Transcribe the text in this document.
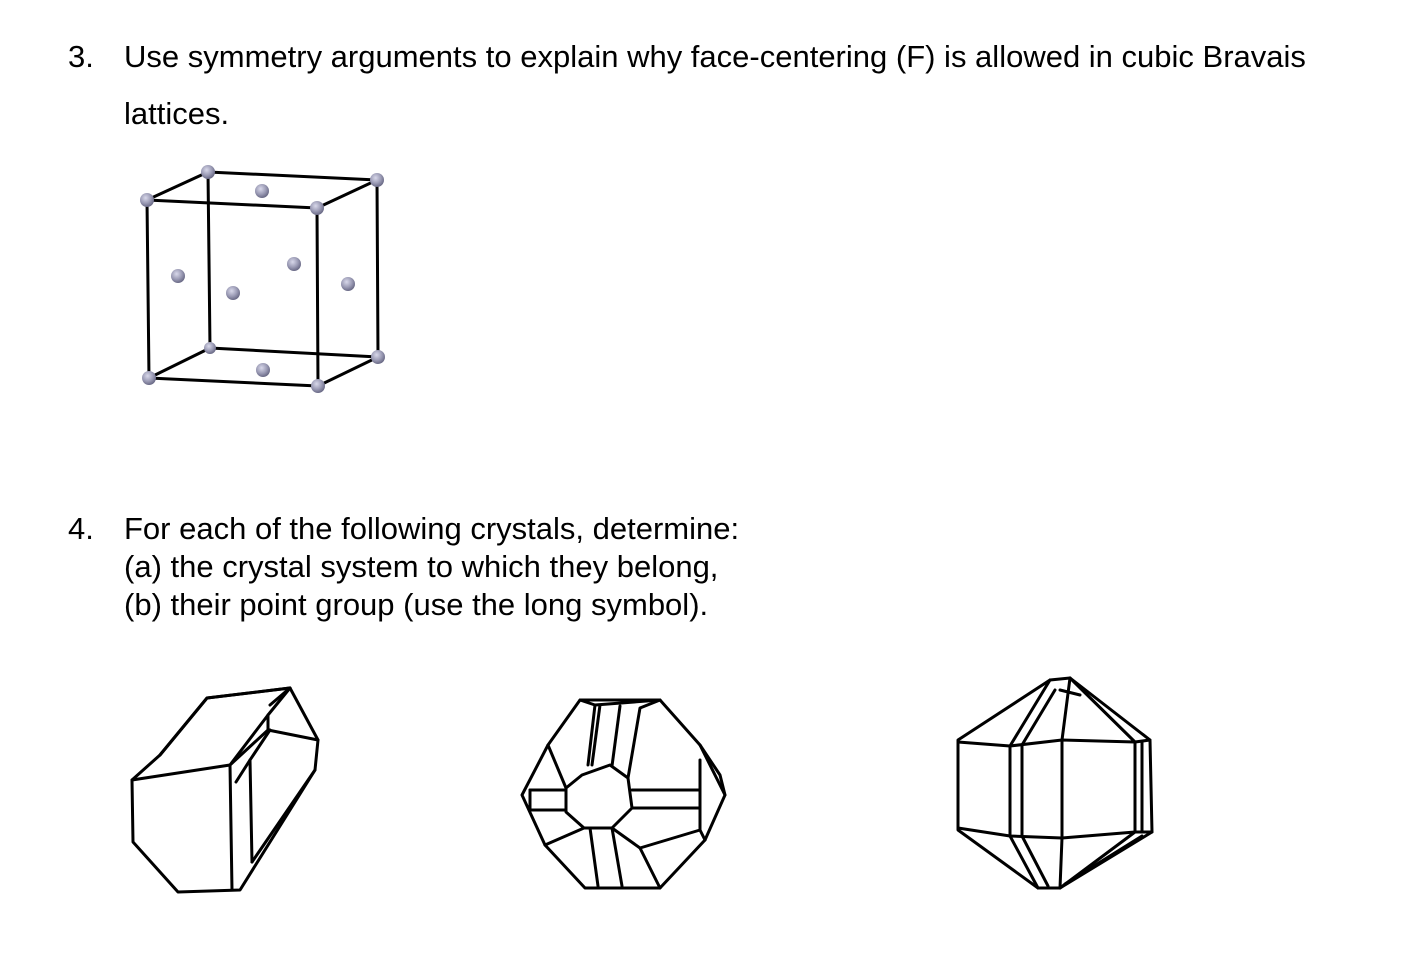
3. Use symmetry arguments to explain why face-centering (F) is allowed in cubic Bravais
lattices.
4. For each of the following crystals, determine:
(a) the crystal system to which they belong,
(b) their point group (use the long symbol).
